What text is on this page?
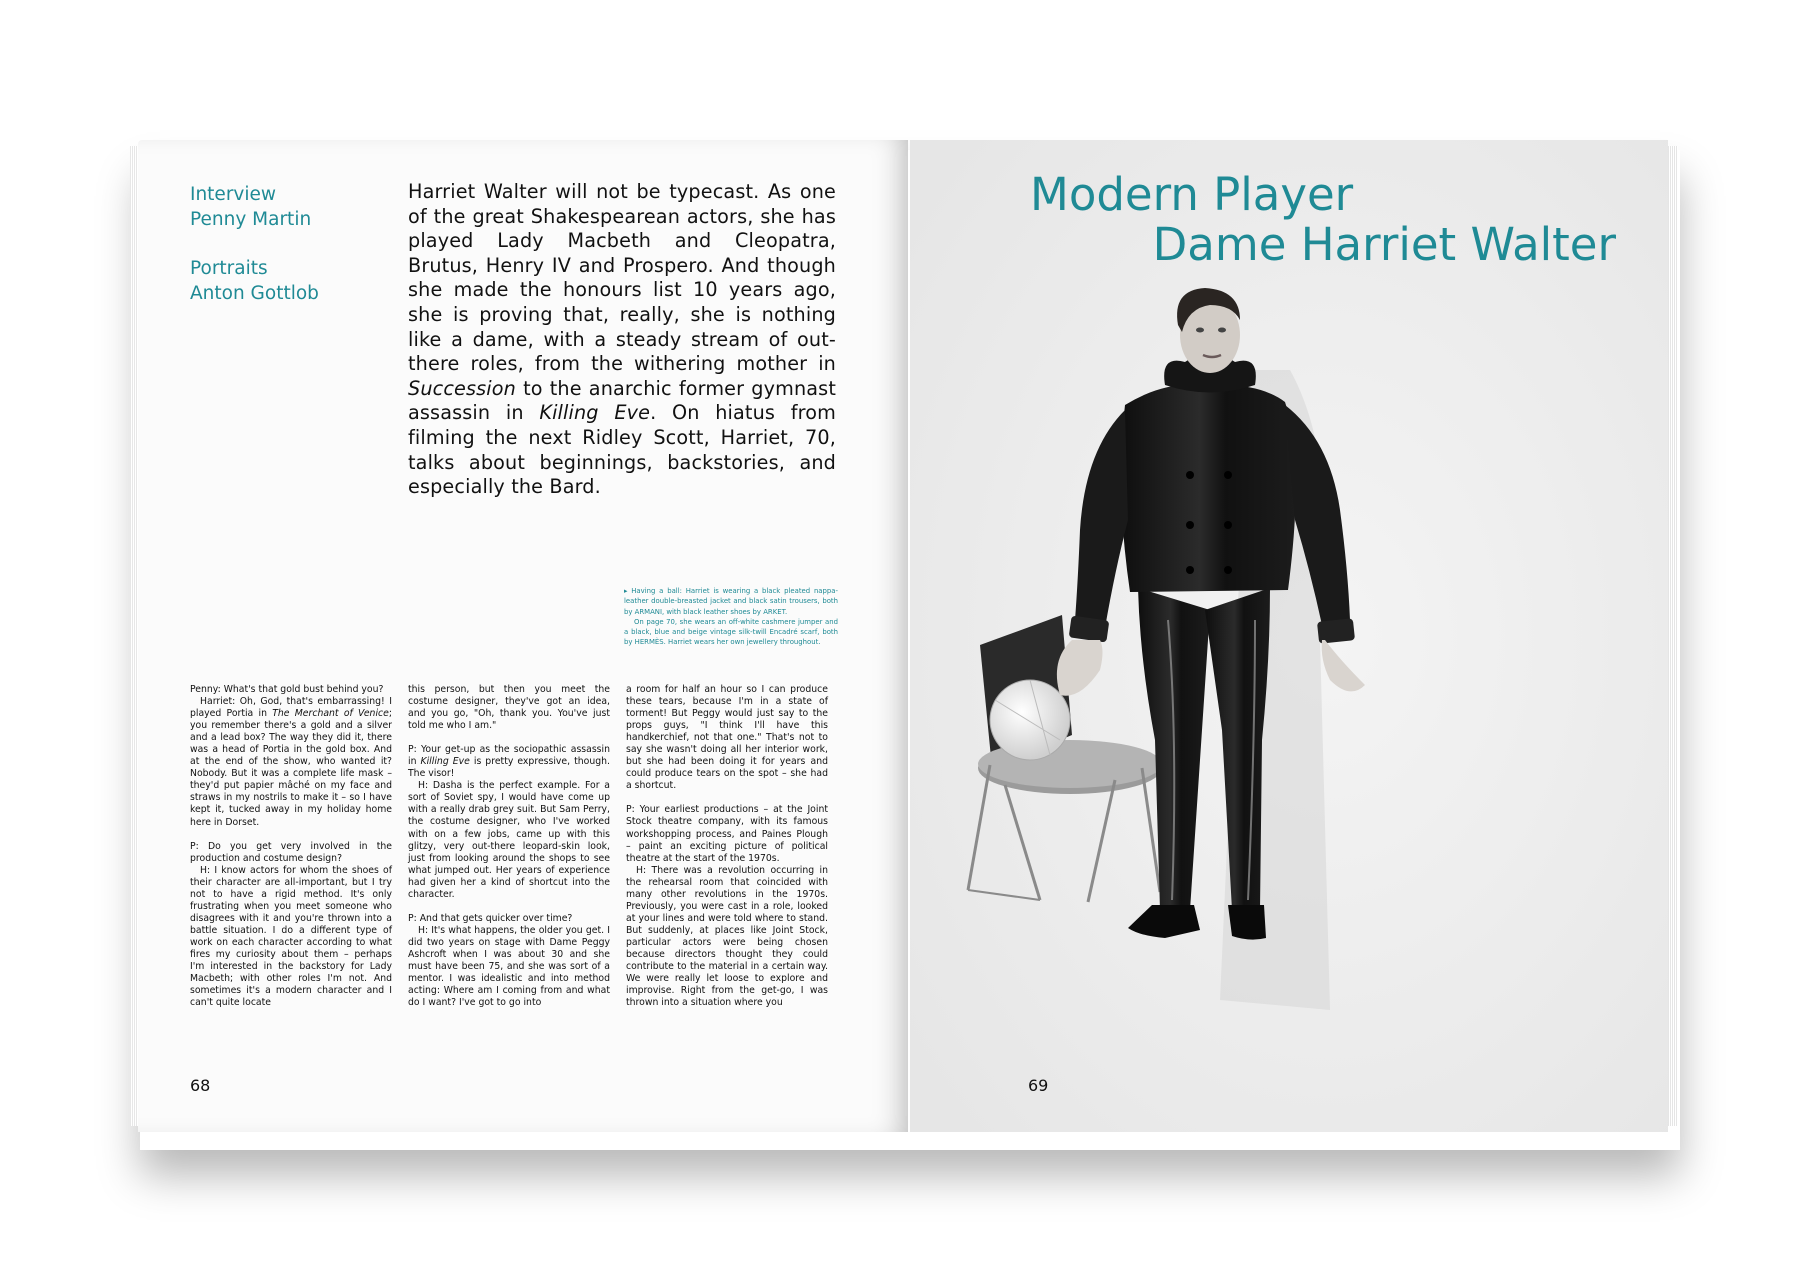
Interview
Penny Martin
Portraits
Anton Gottlob
Harriet Walter will not be typecast. As one of the great Shakespearean actors, she has played Lady Macbeth and Cleopatra, Brutus, Henry IV and Prospero. And though she made the honours list 10 years ago, she is proving that, really, she is nothing like a dame, with a steady stream of out-there roles, from the withering mother in Succession to the anarchic former gymnast assassin in Killing Eve. On hiatus from filming the next Ridley Scott, Harriet, 70, talks about beginnings, backstories, and especially the Bard.

▸ Having a ball: Harriet is wearing a black pleated nappa-leather double-breasted jacket and black satin trousers, both by ARMANI, with black leather shoes by ARKET.

On page 70, she wears an off-white cashmere jumper and a black, blue and beige vintage silk-twill Encadré scarf, both by HERMÈS. Harriet wears her own jewellery throughout.

Penny: What's that gold bust behind you?

Harriet: Oh, God, that's embarrassing! I played Portia in The Merchant of Venice; you remember there's a gold and a silver and a lead box? The way they did it, there was a head of Portia in the gold box. And at the end of the show, who wanted it? Nobody. But it was a complete life mask – they'd put papier mâché on my face and straws in my nostrils to make it – so I have kept it, tucked away in my holiday home here in Dorset.

P: Do you get very involved in the production and costume design?

H: I know actors for whom the shoes of their character are all-important, but I try not to have a rigid method. It's only frustrating when you meet someone who disagrees with it and you're thrown into a battle situation. I do a different type of work on each character according to what fires my curiosity about them – perhaps I'm interested in the backstory for Lady Macbeth; with other roles I'm not. And sometimes it's a modern character and I can't quite locate

this person, but then you meet the costume designer, they've got an idea, and you go, "Oh, thank you. You've just told me who I am."

P: Your get-up as the sociopathic assassin in Killing Eve is pretty expressive, though. The visor!

H: Dasha is the perfect example. For a sort of Soviet spy, I would have come up with a really drab grey suit. But Sam Perry, the costume designer, who I've worked with on a few jobs, came up with this glitzy, very out-there leopard-skin look, just from looking around the shops to see what jumped out. Her years of experience had given her a kind of shortcut into the character.

P: And that gets quicker over time?

H: It's what happens, the older you get. I did two years on stage with Dame Peggy Ashcroft when I was about 30 and she must have been 75, and she was sort of a mentor. I was idealistic and into method acting: Where am I coming from and what do I want? I've got to go into

a room for half an hour so I can produce these tears, because I'm in a state of torment! But Peggy would just say to the props guys, "I think I'll have this handkerchief, not that one." That's not to say she wasn't doing all her interior work, but she had been doing it for years and could produce tears on the spot – she had a shortcut.

P: Your earliest productions – at the Joint Stock theatre company, with its famous workshopping process, and Paines Plough – paint an exciting picture of political theatre at the start of the 1970s.

H: There was a revolution occurring in the rehearsal room that coincided with many other revolutions in the 1970s. Previously, you were cast in a role, looked at your lines and were told where to stand. But suddenly, at places like Joint Stock, particular actors were being chosen because directors thought they could contribute to the material in a certain way. We were really let loose to explore and improvise. Right from the get-go, I was thrown into a situation where you

68
Modern Player
Dame Harriet Walter
69
